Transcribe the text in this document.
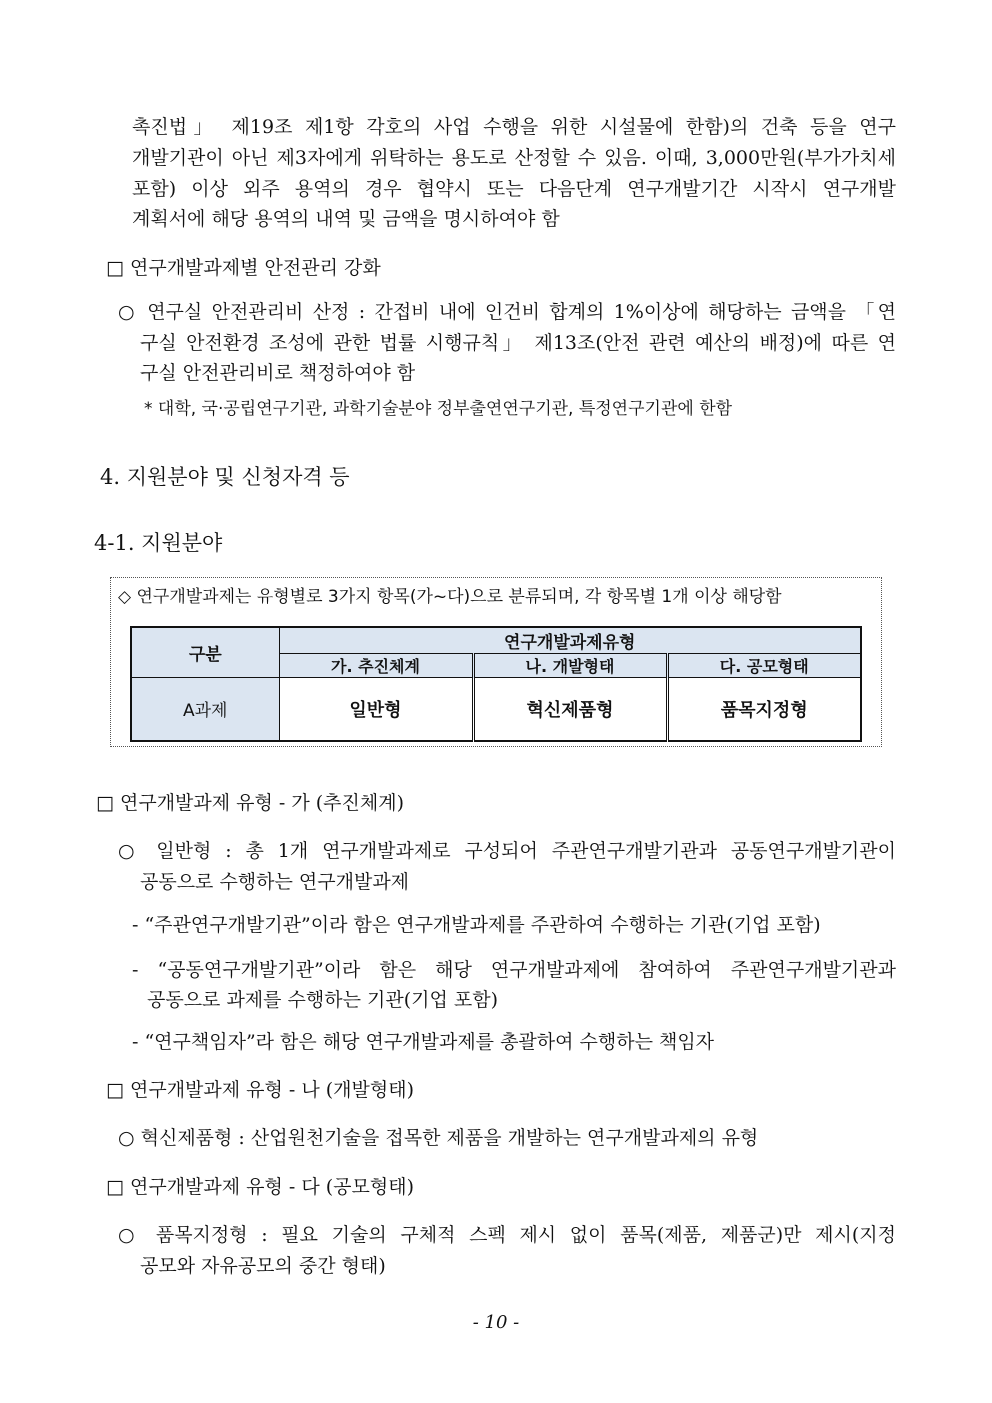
촉진법」 제19조 제1항 각호의 사업 수행을 위한 시설물에 한함)의 건축 등을 연구
개발기관이 아닌 제3자에게 위탁하는 용도로 산정할 수 있음. 이때, 3,000만원(부가가치세
포함) 이상 외주 용역의 경우 협약시 또는 다음단계 연구개발기간 시작시 연구개발
계획서에 해당 용역의 내역 및 금액을 명시하여야 함
□ 연구개발과제별 안전관리 강화
○ 연구실 안전관리비 산정 : 간접비 내에 인건비 합계의 1%이상에 해당하는 금액을 「연
구실 안전환경 조성에 관한 법률 시행규칙」 제13조(안전 관련 예산의 배정)에 따른 연
구실 안전관리비로 책정하여야 함
* 대학, 국·공립연구기관, 과학기술분야 정부출연연구기관, 특정연구기관에 한함
4. 지원분야 및 신청자격 등
4-1. 지원분야
◇ 연구개발과제는 유형별로 3가지 항목(가~다)으로 분류되며, 각 항목별 1개 이상 해당함
구분	연구개발과제유형		
	가. 추진체계	나. 개발형태	다. 공모형태
A과제	일반형	혁신제품형	품목지정형
□ 연구개발과제 유형 - 가 (추진체계)
○ 일반형 : 총 1개 연구개발과제로 구성되어 주관연구개발기관과 공동연구개발기관이
공동으로 수행하는 연구개발과제
- “주관연구개발기관”이라 함은 연구개발과제를 주관하여 수행하는 기관(기업 포함)
- “공동연구개발기관”이라 함은 해당 연구개발과제에 참여하여 주관연구개발기관과
공동으로 과제를 수행하는 기관(기업 포함)
- “연구책임자”라 함은 해당 연구개발과제를 총괄하여 수행하는 책임자
□ 연구개발과제 유형 - 나 (개발형태)
○ 혁신제품형 : 산업원천기술을 접목한 제품을 개발하는 연구개발과제의 유형
□ 연구개발과제 유형 - 다 (공모형태)
○ 품목지정형 : 필요 기술의 구체적 스펙 제시 없이 품목(제품, 제품군)만 제시(지정
공모와 자유공모의 중간 형태)
- 10 -
